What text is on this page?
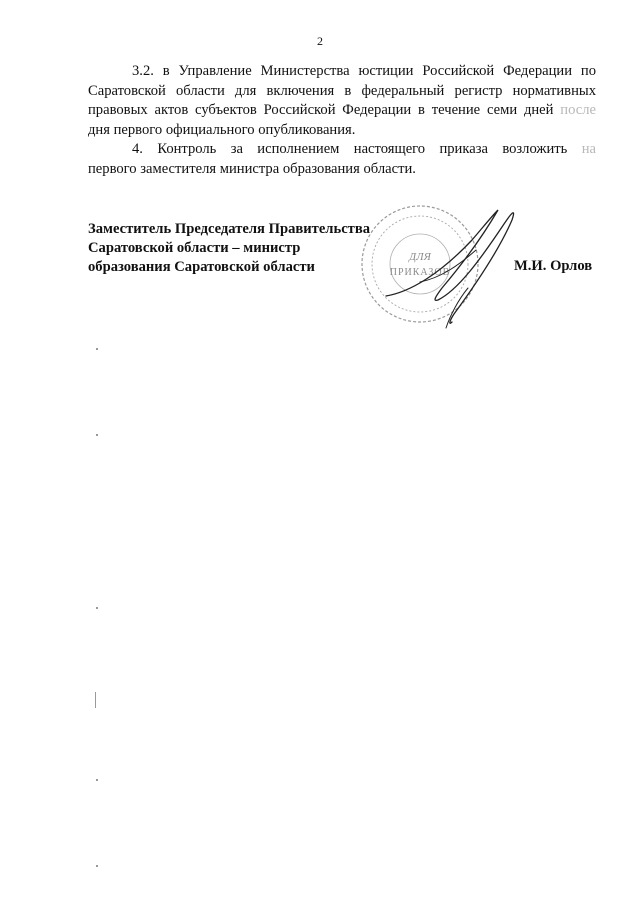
2
3.2. в Управление Министерства юстиции Российской Федерации по
Саратовской области для включения в федеральный регистр нормативных
правовых актов субъектов Российской Федерации в течение семи дней после
дня первого официального опубликования.
4. Контроль за исполнением настоящего приказа возложить на
первого заместителя министра образования области.
ДЛЯ
ПРИКАЗОВ
Заместитель Председателя Правительства
Саратовской области – министр
образования Саратовской области	М.И. Орлов
